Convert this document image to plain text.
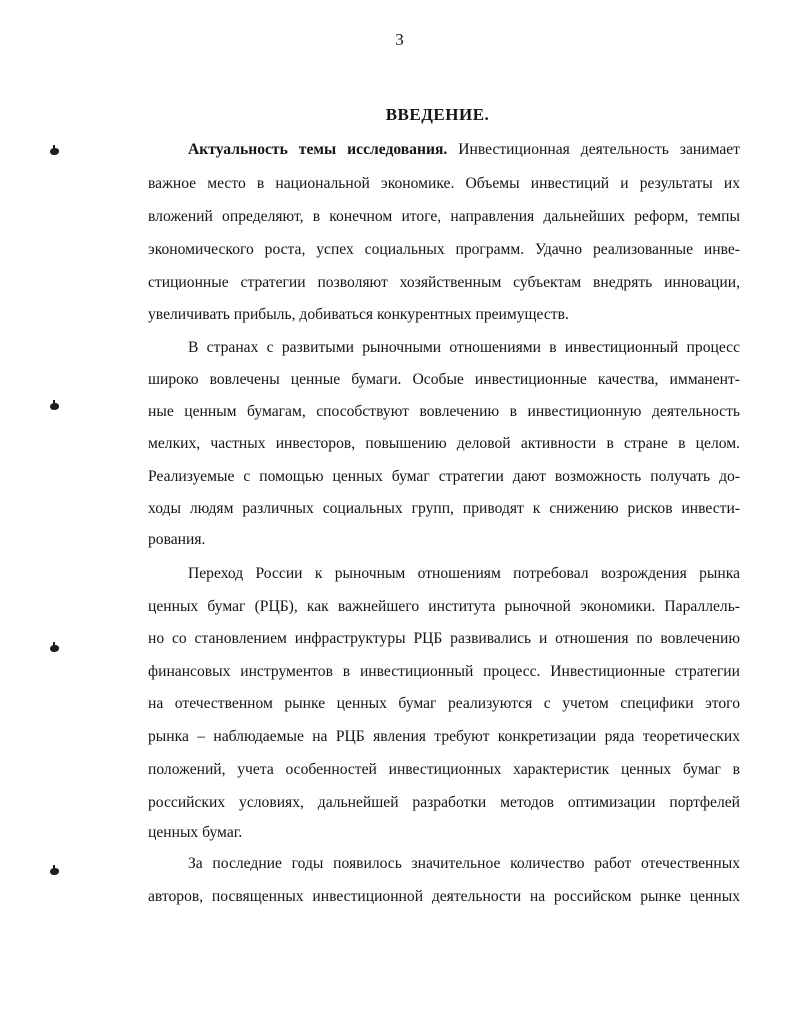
3
ВВЕДЕНИЕ.
Актуальность темы исследования. Инвестиционная деятельность занимает
важное место в национальной экономике. Объемы инвестиций и результаты их
вложений определяют, в конечном итоге, направления дальнейших реформ, темпы
экономического роста, успех социальных программ. Удачно реализованные инве-
стиционные стратегии позволяют хозяйственным субъектам внедрять инновации,
увеличивать прибыль, добиваться конкурентных преимуществ.
В странах с развитыми рыночными отношениями в инвестиционный процесс
широко вовлечены ценные бумаги. Особые инвестиционные качества, имманент-
ные ценным бумагам, способствуют вовлечению в инвестиционную деятельность
мелких, частных инвесторов, повышению деловой активности в стране в целом.
Реализуемые с помощью ценных бумаг стратегии дают возможность получать до-
ходы людям различных социальных групп, приводят к снижению рисков инвести-
рования.
Переход России к рыночным отношениям потребовал возрождения рынка
ценных бумаг (РЦБ), как важнейшего института рыночной экономики. Параллель-
но со становлением инфраструктуры РЦБ развивались и отношения по вовлечению
финансовых инструментов в инвестиционный процесс. Инвестиционные стратегии
на отечественном рынке ценных бумаг реализуются с учетом специфики этого
рынка – наблюдаемые на РЦБ явления требуют конкретизации ряда теоретических
положений, учета особенностей инвестиционных характеристик ценных бумаг в
российских условиях, дальнейшей разработки методов оптимизации портфелей
ценных бумаг.
За последние годы появилось значительное количество работ отечественных
авторов, посвященных инвестиционной деятельности на российском рынке ценных
